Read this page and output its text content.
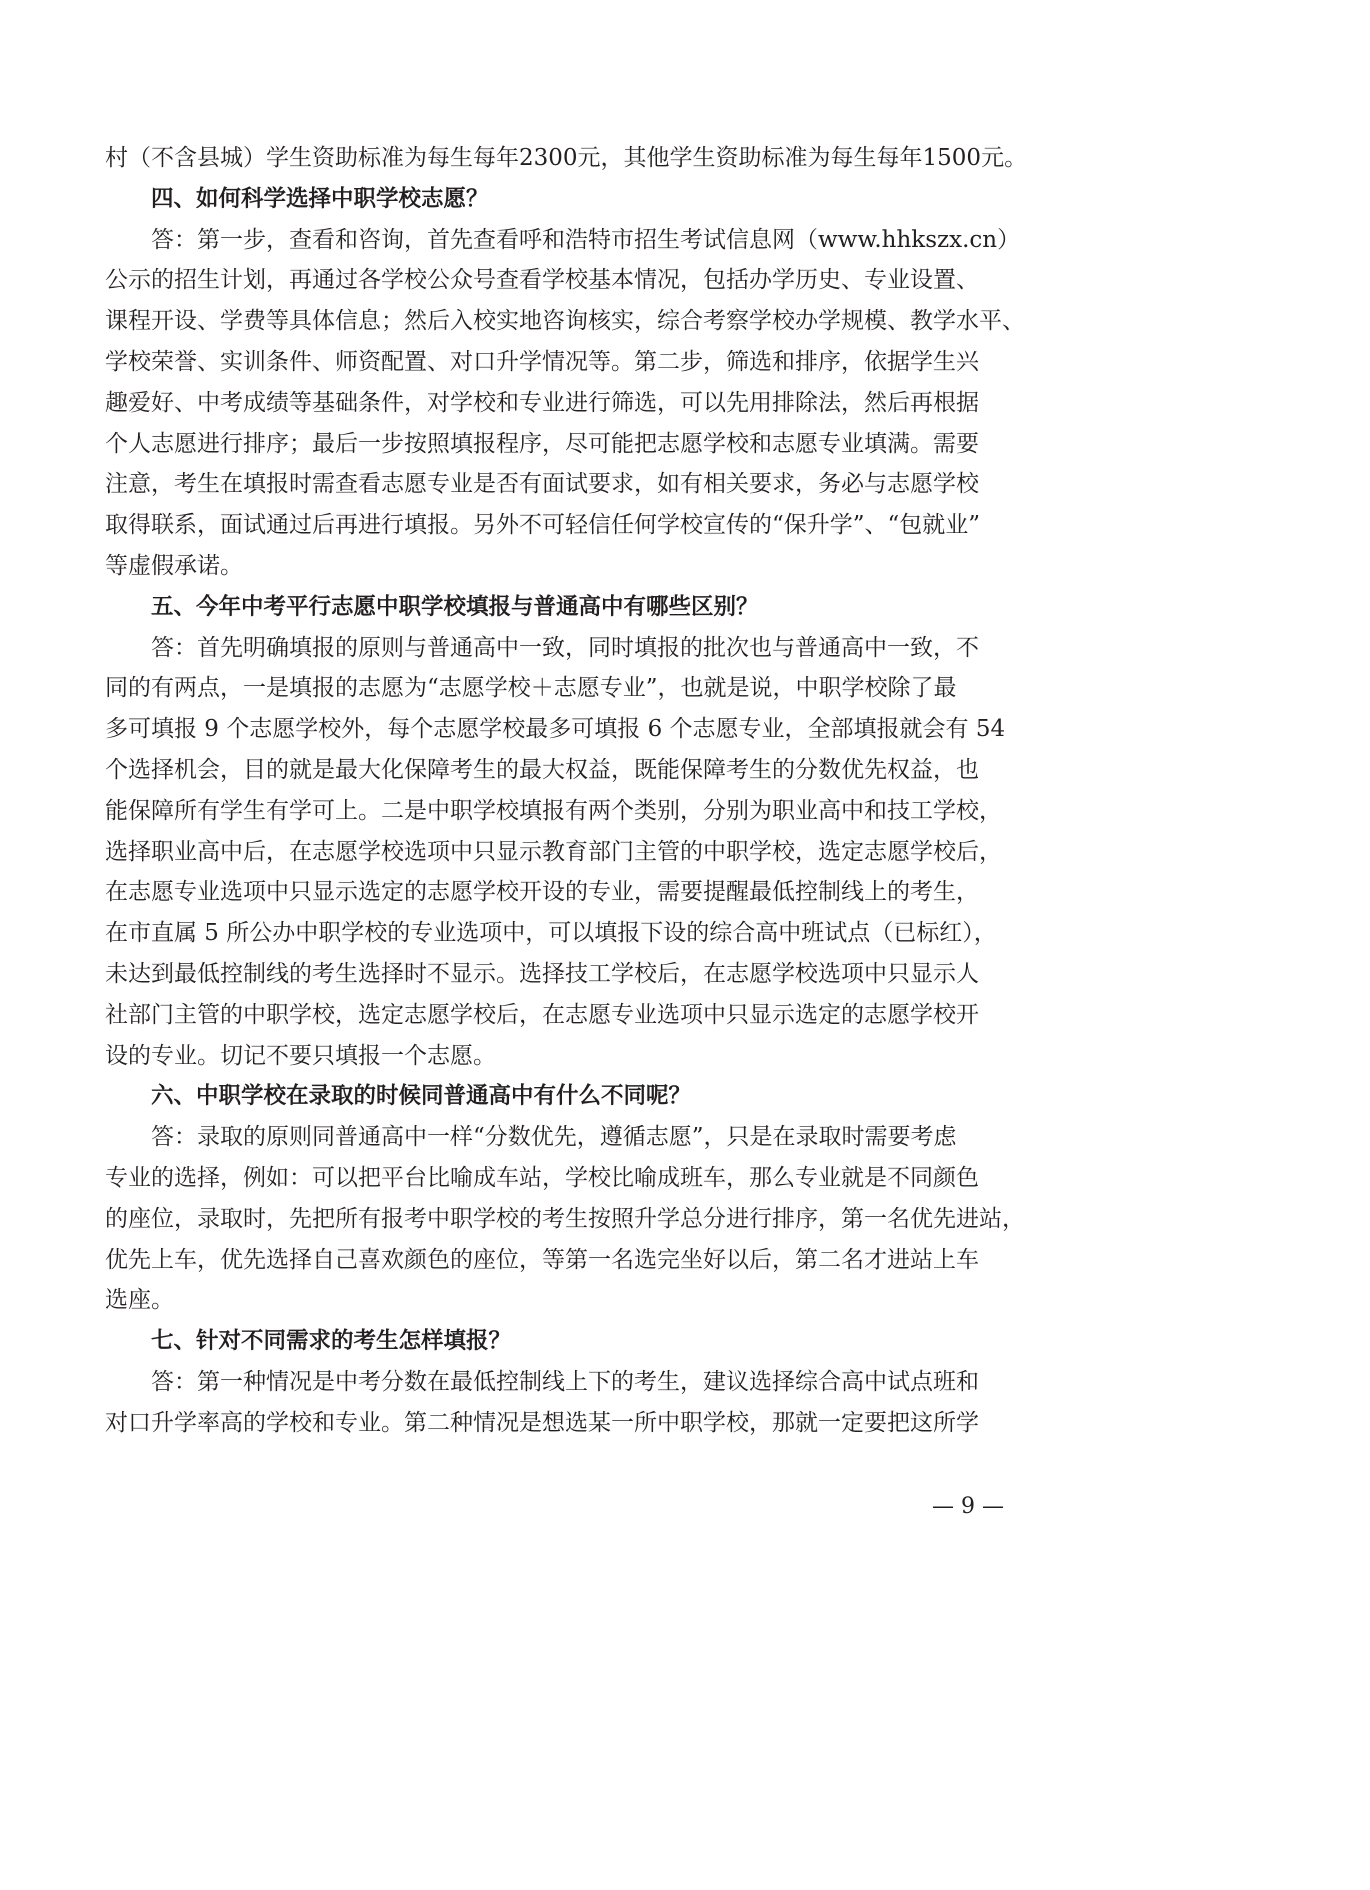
村（不含县城）学生资助标准为每生每年2300元，其他学生资助标准为每生每年1500元。
四、如何科学选择中职学校志愿？
答：第一步，查看和咨询，首先查看呼和浩特市招生考试信息网（www.hhkszx.cn）
公示的招生计划，再通过各学校公众号查看学校基本情况，包括办学历史、专业设置、
课程开设、学费等具体信息；然后入校实地咨询核实，综合考察学校办学规模、教学水平、
学校荣誉、实训条件、师资配置、对口升学情况等。第二步，筛选和排序，依据学生兴
趣爱好、中考成绩等基础条件，对学校和专业进行筛选，可以先用排除法，然后再根据
个人志愿进行排序；最后一步按照填报程序，尽可能把志愿学校和志愿专业填满。需要
注意，考生在填报时需查看志愿专业是否有面试要求，如有相关要求，务必与志愿学校
取得联系，面试通过后再进行填报。另外不可轻信任何学校宣传的“保升学”、“包就业”
等虚假承诺。
五、今年中考平行志愿中职学校填报与普通高中有哪些区别？
答：首先明确填报的原则与普通高中一致，同时填报的批次也与普通高中一致，不
同的有两点，一是填报的志愿为“志愿学校＋志愿专业”，也就是说，中职学校除了最
多可填报 9 个志愿学校外，每个志愿学校最多可填报 6 个志愿专业，全部填报就会有 54
个选择机会，目的就是最大化保障考生的最大权益，既能保障考生的分数优先权益，也
能保障所有学生有学可上。二是中职学校填报有两个类别，分别为职业高中和技工学校，
选择职业高中后，在志愿学校选项中只显示教育部门主管的中职学校，选定志愿学校后，
在志愿专业选项中只显示选定的志愿学校开设的专业，需要提醒最低控制线上的考生，
在市直属 5 所公办中职学校的专业选项中，可以填报下设的综合高中班试点（已标红），
未达到最低控制线的考生选择时不显示。选择技工学校后，在志愿学校选项中只显示人
社部门主管的中职学校，选定志愿学校后，在志愿专业选项中只显示选定的志愿学校开
设的专业。切记不要只填报一个志愿。
六、中职学校在录取的时候同普通高中有什么不同呢？
答：录取的原则同普通高中一样“分数优先，遵循志愿”，只是在录取时需要考虑
专业的选择，例如：可以把平台比喻成车站，学校比喻成班车，那么专业就是不同颜色
的座位，录取时，先把所有报考中职学校的考生按照升学总分进行排序，第一名优先进站，
优先上车，优先选择自己喜欢颜色的座位，等第一名选完坐好以后，第二名才进站上车
选座。
七、针对不同需求的考生怎样填报？
答：第一种情况是中考分数在最低控制线上下的考生，建议选择综合高中试点班和
对口升学率高的学校和专业。第二种情况是想选某一所中职学校，那就一定要把这所学
— 9 —
